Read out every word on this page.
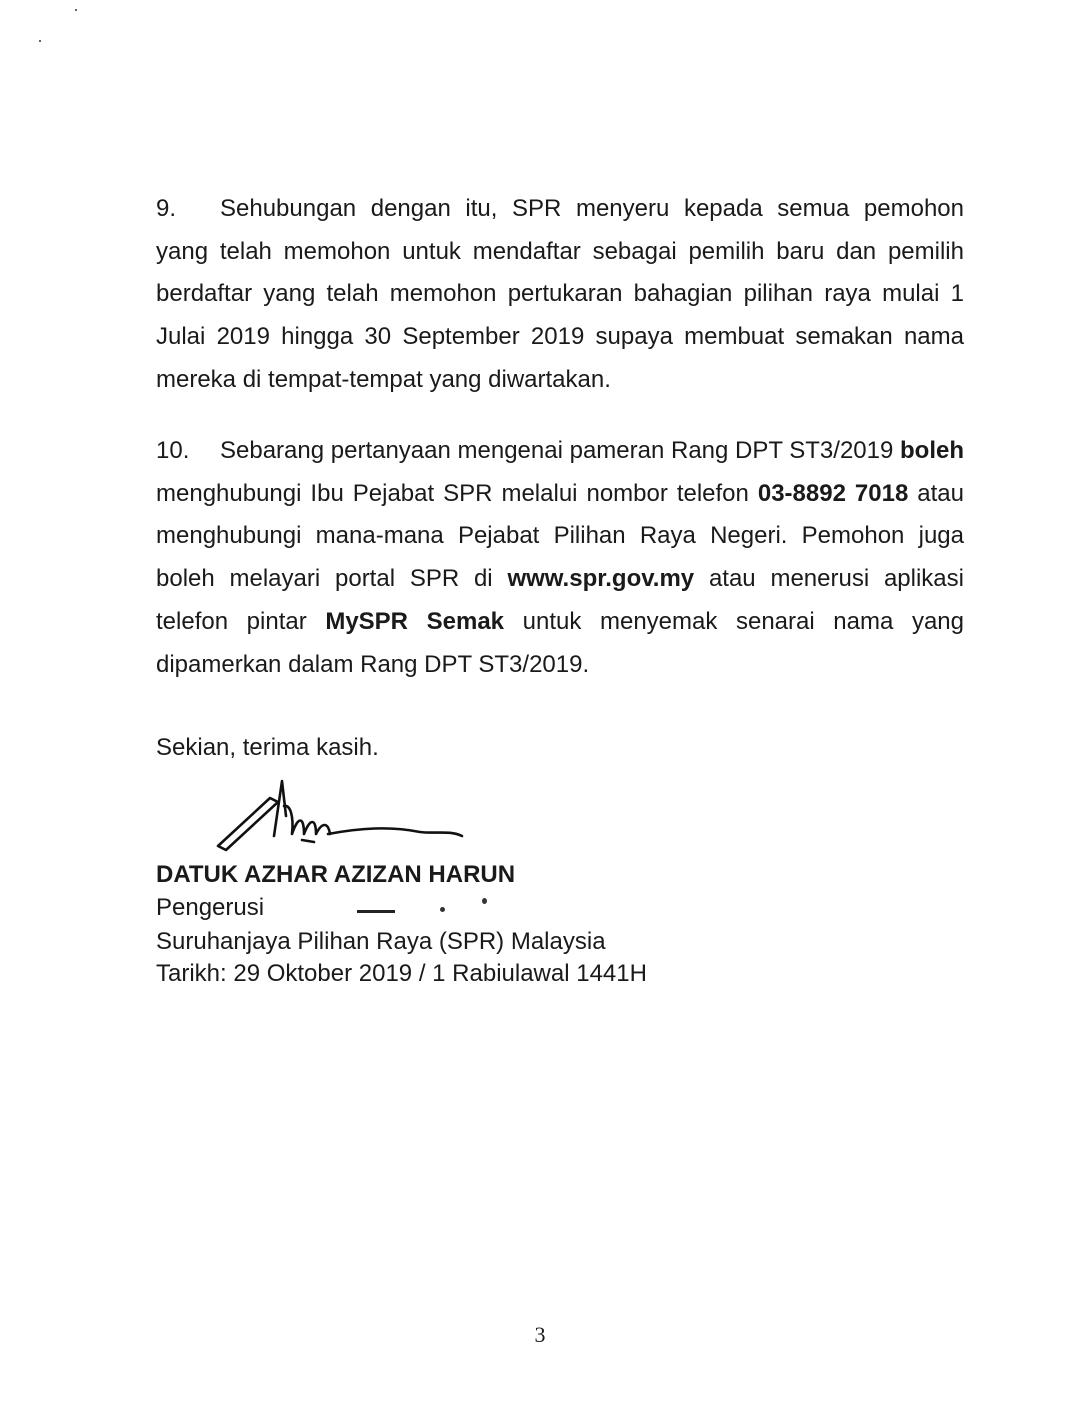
9. Sehubungan dengan itu, SPR menyeru kepada semua pemohon yang telah memohon untuk mendaftar sebagai pemilih baru dan pemilih berdaftar yang telah memohon pertukaran bahagian pilihan raya mulai 1 Julai 2019 hingga 30 September 2019 supaya membuat semakan nama mereka di tempat-tempat yang diwartakan.
10. Sebarang pertanyaan mengenai pameran Rang DPT ST3/2019 boleh menghubungi Ibu Pejabat SPR melalui nombor telefon 03-8892 7018 atau menghubungi mana-mana Pejabat Pilihan Raya Negeri. Pemohon juga boleh melayari portal SPR di www.spr.gov.my atau menerusi aplikasi telefon pintar MySPR Semak untuk menyemak senarai nama yang dipamerkan dalam Rang DPT ST3/2019.
Sekian, terima kasih.
DATUK AZHAR AZIZAN HARUN
Pengerusi
Suruhanjaya Pilihan Raya (SPR) Malaysia
Tarikh: 29 Oktober 2019 / 1 Rabiulawal 1441H
3
